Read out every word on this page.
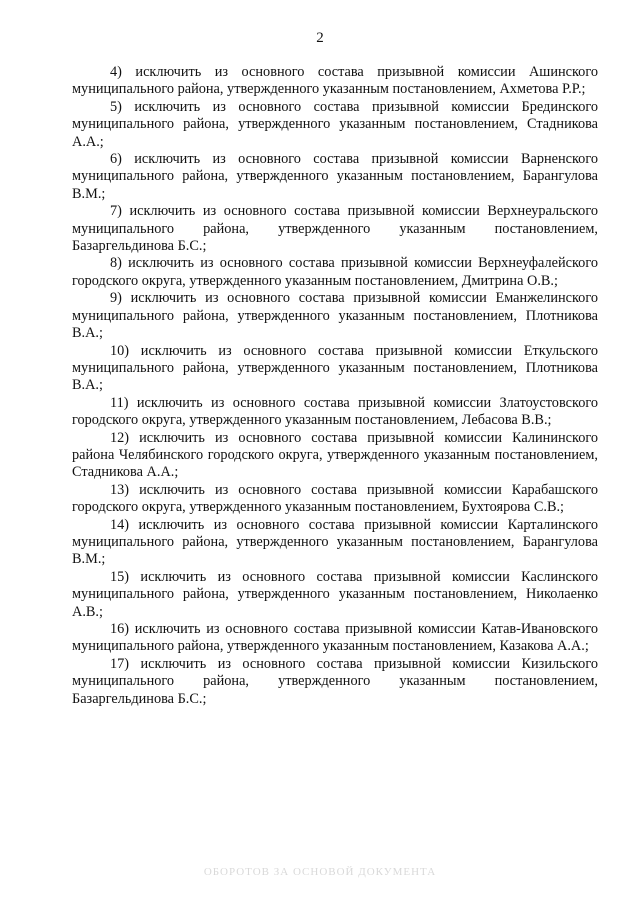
2

4) исключить из основного состава призывной комиссии Ашинского муниципального района, утвержденного указанным постановлением, Ахметова Р.Р.;

5) исключить из основного состава призывной комиссии Брединского муниципального района, утвержденного указанным постановлением, Стадникова А.А.;

6) исключить из основного состава призывной комиссии Варненского муниципального района, утвержденного указанным постановлением, Барангулова В.М.;

7) исключить из основного состава призывной комиссии Верхнеуральского муниципального района, утвержденного указанным постановлением, Базаргельдинова Б.С.;

8) исключить из основного состава призывной комиссии Верхнеуфалейского городского округа, утвержденного указанным постановлением, Дмитрина О.В.;

9) исключить из основного состава призывной комиссии Еманжелинского муниципального района, утвержденного указанным постановлением, Плотникова В.А.;

10) исключить из основного состава призывной комиссии Еткульского муниципального района, утвержденного указанным постановлением, Плотникова В.А.;

11) исключить из основного состава призывной комиссии Златоустовского городского округа, утвержденного указанным постановлением, Лебасова В.В.;

12) исключить из основного состава призывной комиссии Калининского района Челябинского городского округа, утвержденного указанным постановлением, Стадникова А.А.;

13) исключить из основного состава призывной комиссии Карабашского городского округа, утвержденного указанным постановлением, Бухтоярова С.В.;

14) исключить из основного состава призывной комиссии Карталинского муниципального района, утвержденного указанным постановлением, Барангулова В.М.;

15) исключить из основного состава призывной комиссии Каслинского муниципального района, утвержденного указанным постановлением, Николаенко А.В.;

16) исключить из основного состава призывной комиссии Катав-Ивановского муниципального района, утвержденного указанным постановлением, Казакова А.А.;

17) исключить из основного состава призывной комиссии Кизильского муниципального района, утвержденного указанным постановлением, Базаргельдинова Б.С.;

ОБОРОТОВ ЗА ОСНОВОЙ ДОКУМЕНТА
